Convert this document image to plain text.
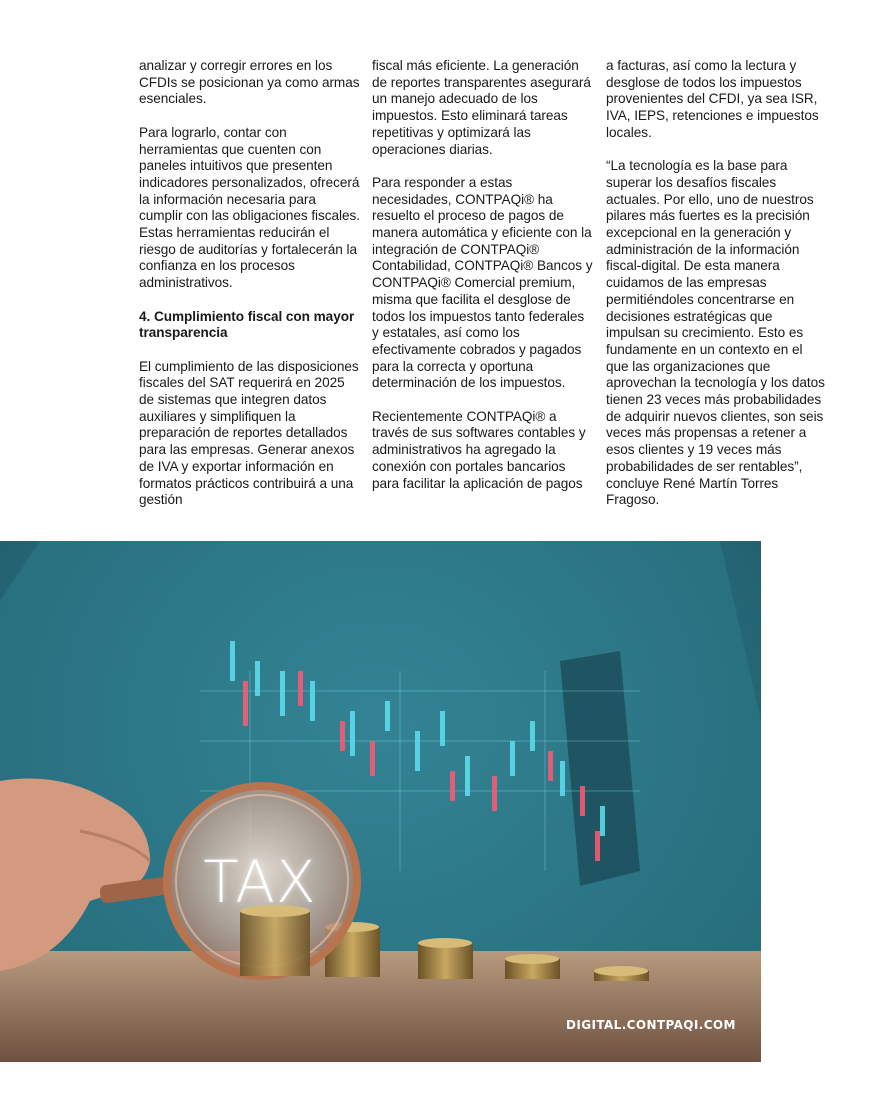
analizar y corregir errores en los CFDIs se posicionan ya como armas esenciales.

Para lograrlo, contar con herramientas que cuenten con paneles intuitivos que presenten indicadores personalizados, ofrecerá la información necesaria para cumplir con las obligaciones fiscales. Estas herramientas reducirán el riesgo de auditorías y fortalecerán la confianza en los procesos administrativos.

4. Cumplimiento fiscal con mayor transparencia

El cumplimiento de las disposiciones fiscales del SAT requerirá en 2025 de sistemas que integren datos auxiliares y simplifiquen la preparación de reportes detallados para las empresas. Generar anexos de IVA y exportar información en formatos prácticos contribuirá a una gestión

fiscal más eficiente. La generación de reportes transparentes asegurará un manejo adecuado de los impuestos. Esto eliminará tareas repetitivas y optimizará las operaciones diarias.

Para responder a estas necesidades, CONTPAQi® ha resuelto el proceso de pagos de manera automática y eficiente con la integración de CONTPAQi® Contabilidad, CONTPAQi® Bancos y CONTPAQi® Comercial premium, misma que facilita el desglose de todos los impuestos tanto federales y estatales, así como los efectivamente cobrados y pagados para la correcta y oportuna determinación de los impuestos.

Recientemente CONTPAQi® a través de sus softwares contables y administrativos ha agregado la conexión con portales bancarios para facilitar la aplicación de pagos

a facturas, así como la lectura y desglose de todos los impuestos provenientes del CFDI, ya sea ISR, IVA, IEPS, retenciones e impuestos locales.

“La tecnología es la base para superar los desafíos fiscales actuales. Por ello, uno de nuestros pilares más fuertes es la precisión excepcional en la generación y administración de la información fiscal-digital. De esta manera cuidamos de las empresas permitiéndoles concentrarse en decisiones estratégicas que impulsan su crecimiento. Esto es fundamente en un contexto en el que las organizaciones que aprovechan la tecnología y los datos tienen 23 veces más probabilidades de adquirir nuevos clientes, son seis veces más propensas a retener a esos clientes y 19 veces más probabilidades de ser rentables”, concluye René Martín Torres Fragoso.

TAX
DIGITAL.CONTPAQI.COM
